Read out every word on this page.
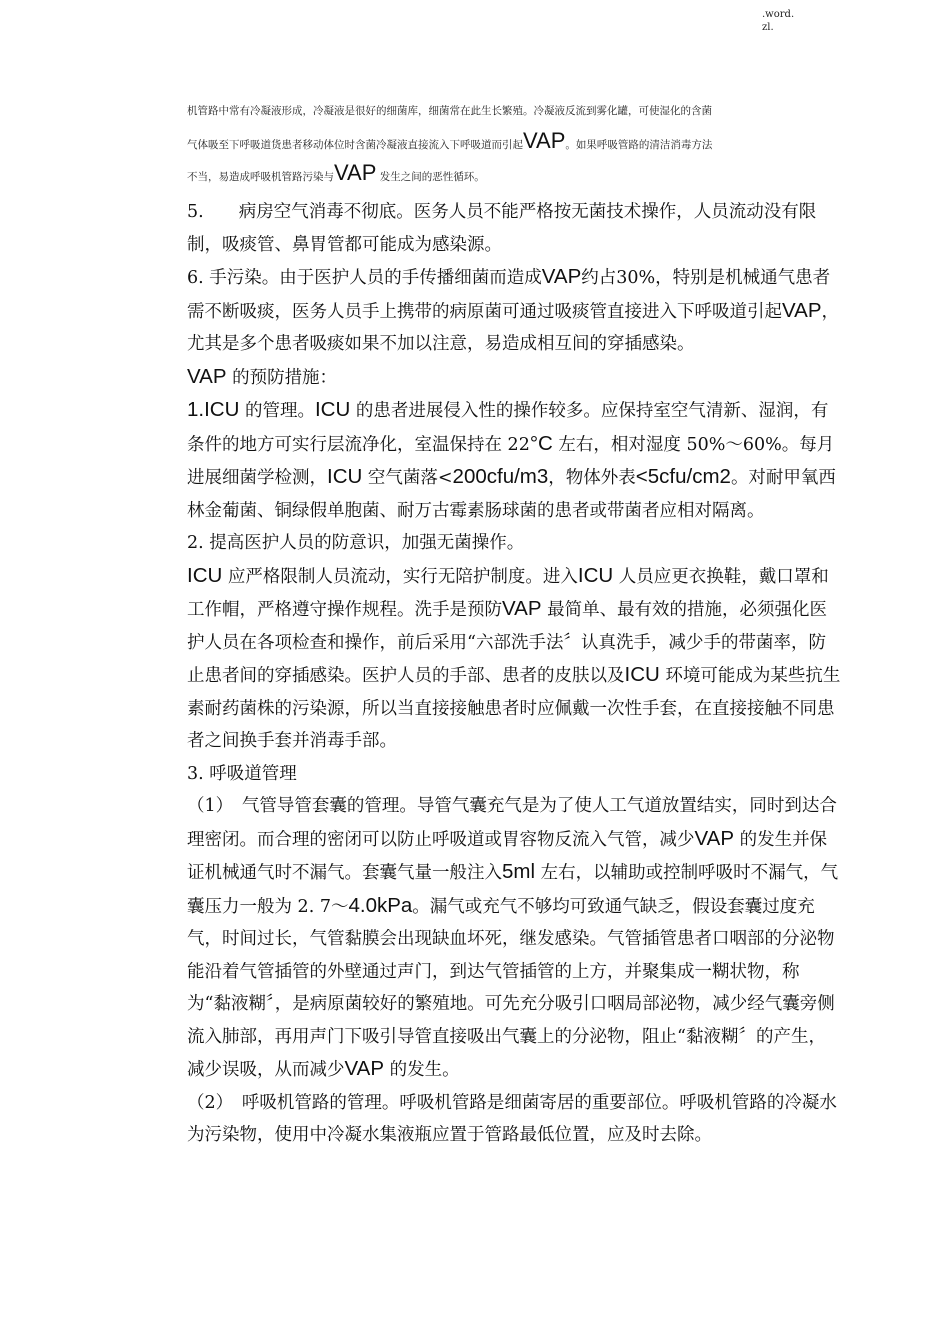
.word.
zl.
机管路中常有冷凝液形成，冷凝液是很好的细菌库，细菌常在此生长繁殖。冷凝液反流到雾化罐，可使湿化的含菌
气体吸至下呼吸道货患者移动体位时含菌冷凝液直接流入下呼吸道而引起VAP。如果呼吸管路的清洁消毒方法
不当，易造成呼吸机管路污染与VAP 发生之间的恶性循环。

5.　　病房空气消毒不彻底。医务人员不能严格按无菌技术操作，人员流动没有限制，吸痰管、鼻胃管都可能成为感染源。

6. 手污染。由于医护人员的手传播细菌而造成VAP约占30%，特别是机械通气患者需不断吸痰，医务人员手上携带的病原菌可通过吸痰管直接进入下呼吸道引起VAP，尤其是多个患者吸痰如果不加以注意，易造成相互间的穿插感染。

VAP 的预防措施：

1.ICU 的管理。ICU 的患者进展侵入性的操作较多。应保持室空气清新、湿润，有条件的地方可实行层流净化，室温保持在 22°C 左右，相对湿度 50%～60%。每月进展细菌学检测，ICU 空气菌落<200cfu/m3，物体外表<5cfu/cm2。对耐甲氧西林金葡菌、铜绿假单胞菌、耐万古霉素肠球菌的患者或带菌者应相对隔离。

2. 提高医护人员的防意识，加强无菌操作。

ICU 应严格限制人员流动，实行无陪护制度。进入ICU 人员应更衣换鞋，戴口罩和工作帽，严格遵守操作规程。洗手是预防VAP 最简单、最有效的措施，必须强化医护人员在各项检查和操作，前后采用“六部洗手法〞认真洗手，减少手的带菌率，防止患者间的穿插感染。医护人员的手部、患者的皮肤以及ICU 环境可能成为某些抗生素耐药菌株的污染源，所以当直接接触患者时应佩戴一次性手套，在直接接触不同患者之间换手套并消毒手部。

3. 呼吸道管理

（1）　气管导管套囊的管理。导管气囊充气是为了使人工气道放置结实，同时到达合理密闭。而合理的密闭可以防止呼吸道或胃容物反流入气管，减少VAP 的发生并保证机械通气时不漏气。套囊气量一般注入5ml 左右，以辅助或控制呼吸时不漏气，气囊压力一般为 2. 7～4.0kPa。漏气或充气不够均可致通气缺乏，假设套囊过度充气，时间过长，气管黏膜会出现缺血坏死，继发感染。气管插管患者口咽部的分泌物能沿着气管插管的外壁通过声门，到达气管插管的上方，并聚集成一糊状物，称为“黏液糊〞，是病原菌较好的繁殖地。可先充分吸引口咽局部泌物，减少经气囊旁侧流入肺部，再用声门下吸引导管直接吸出气囊上的分泌物，阻止“黏液糊〞的产生，减少误吸，从而减少VAP 的发生。

（2）　呼吸机管路的管理。呼吸机管路是细菌寄居的重要部位。呼吸机管路的冷凝水为污染物，使用中冷凝水集液瓶应置于管路最低位置，应及时去除。
